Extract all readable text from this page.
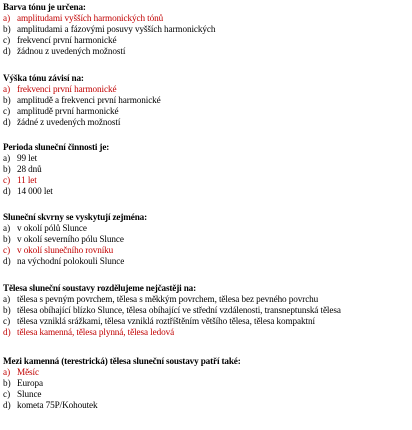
Barva tónu je určena:
a) amplitudami vyšších harmonických tónů
b) amplitudami a fázovými posuvy vyšších harmonických
c) frekvencí první harmonické
d) žádnou z uvedených možností
Výška tónu závisí na:
a) frekvenci první harmonické
b) amplitudě a frekvenci první harmonické
c) amplitudě první harmonické
d) žádné z uvedených možností
Perioda sluneční činnosti je:
a) 99 let
b) 28 dnů
c) 11 let
d) 14 000 let
Sluneční skvrny se vyskytují zejména:
a) v okolí pólů Slunce
b) v okolí severního pólu Slunce
c) v okolí slunečního rovníku
d) na východní polokouli Slunce
Tělesa sluneční soustavy rozdělujeme nejčastěji na:
a) tělesa s pevným povrchem, tělesa s měkkým povrchem, tělesa bez pevného povrchu
b) tělesa obíhající blízko Slunce, tělesa obíhající ve střední vzdálenosti, transneptunská tělesa
c) tělesa vzniklá srážkami, tělesa vzniklá roztříštěním většího tělesa, tělesa kompaktní
d) tělesa kamenná, tělesa plynná, tělesa ledová
Mezi kamenná (terestrická) tělesa sluneční soustavy patří také:
a) Měsíc
b) Europa
c) Slunce
d) kometa 75P/Kohoutek
